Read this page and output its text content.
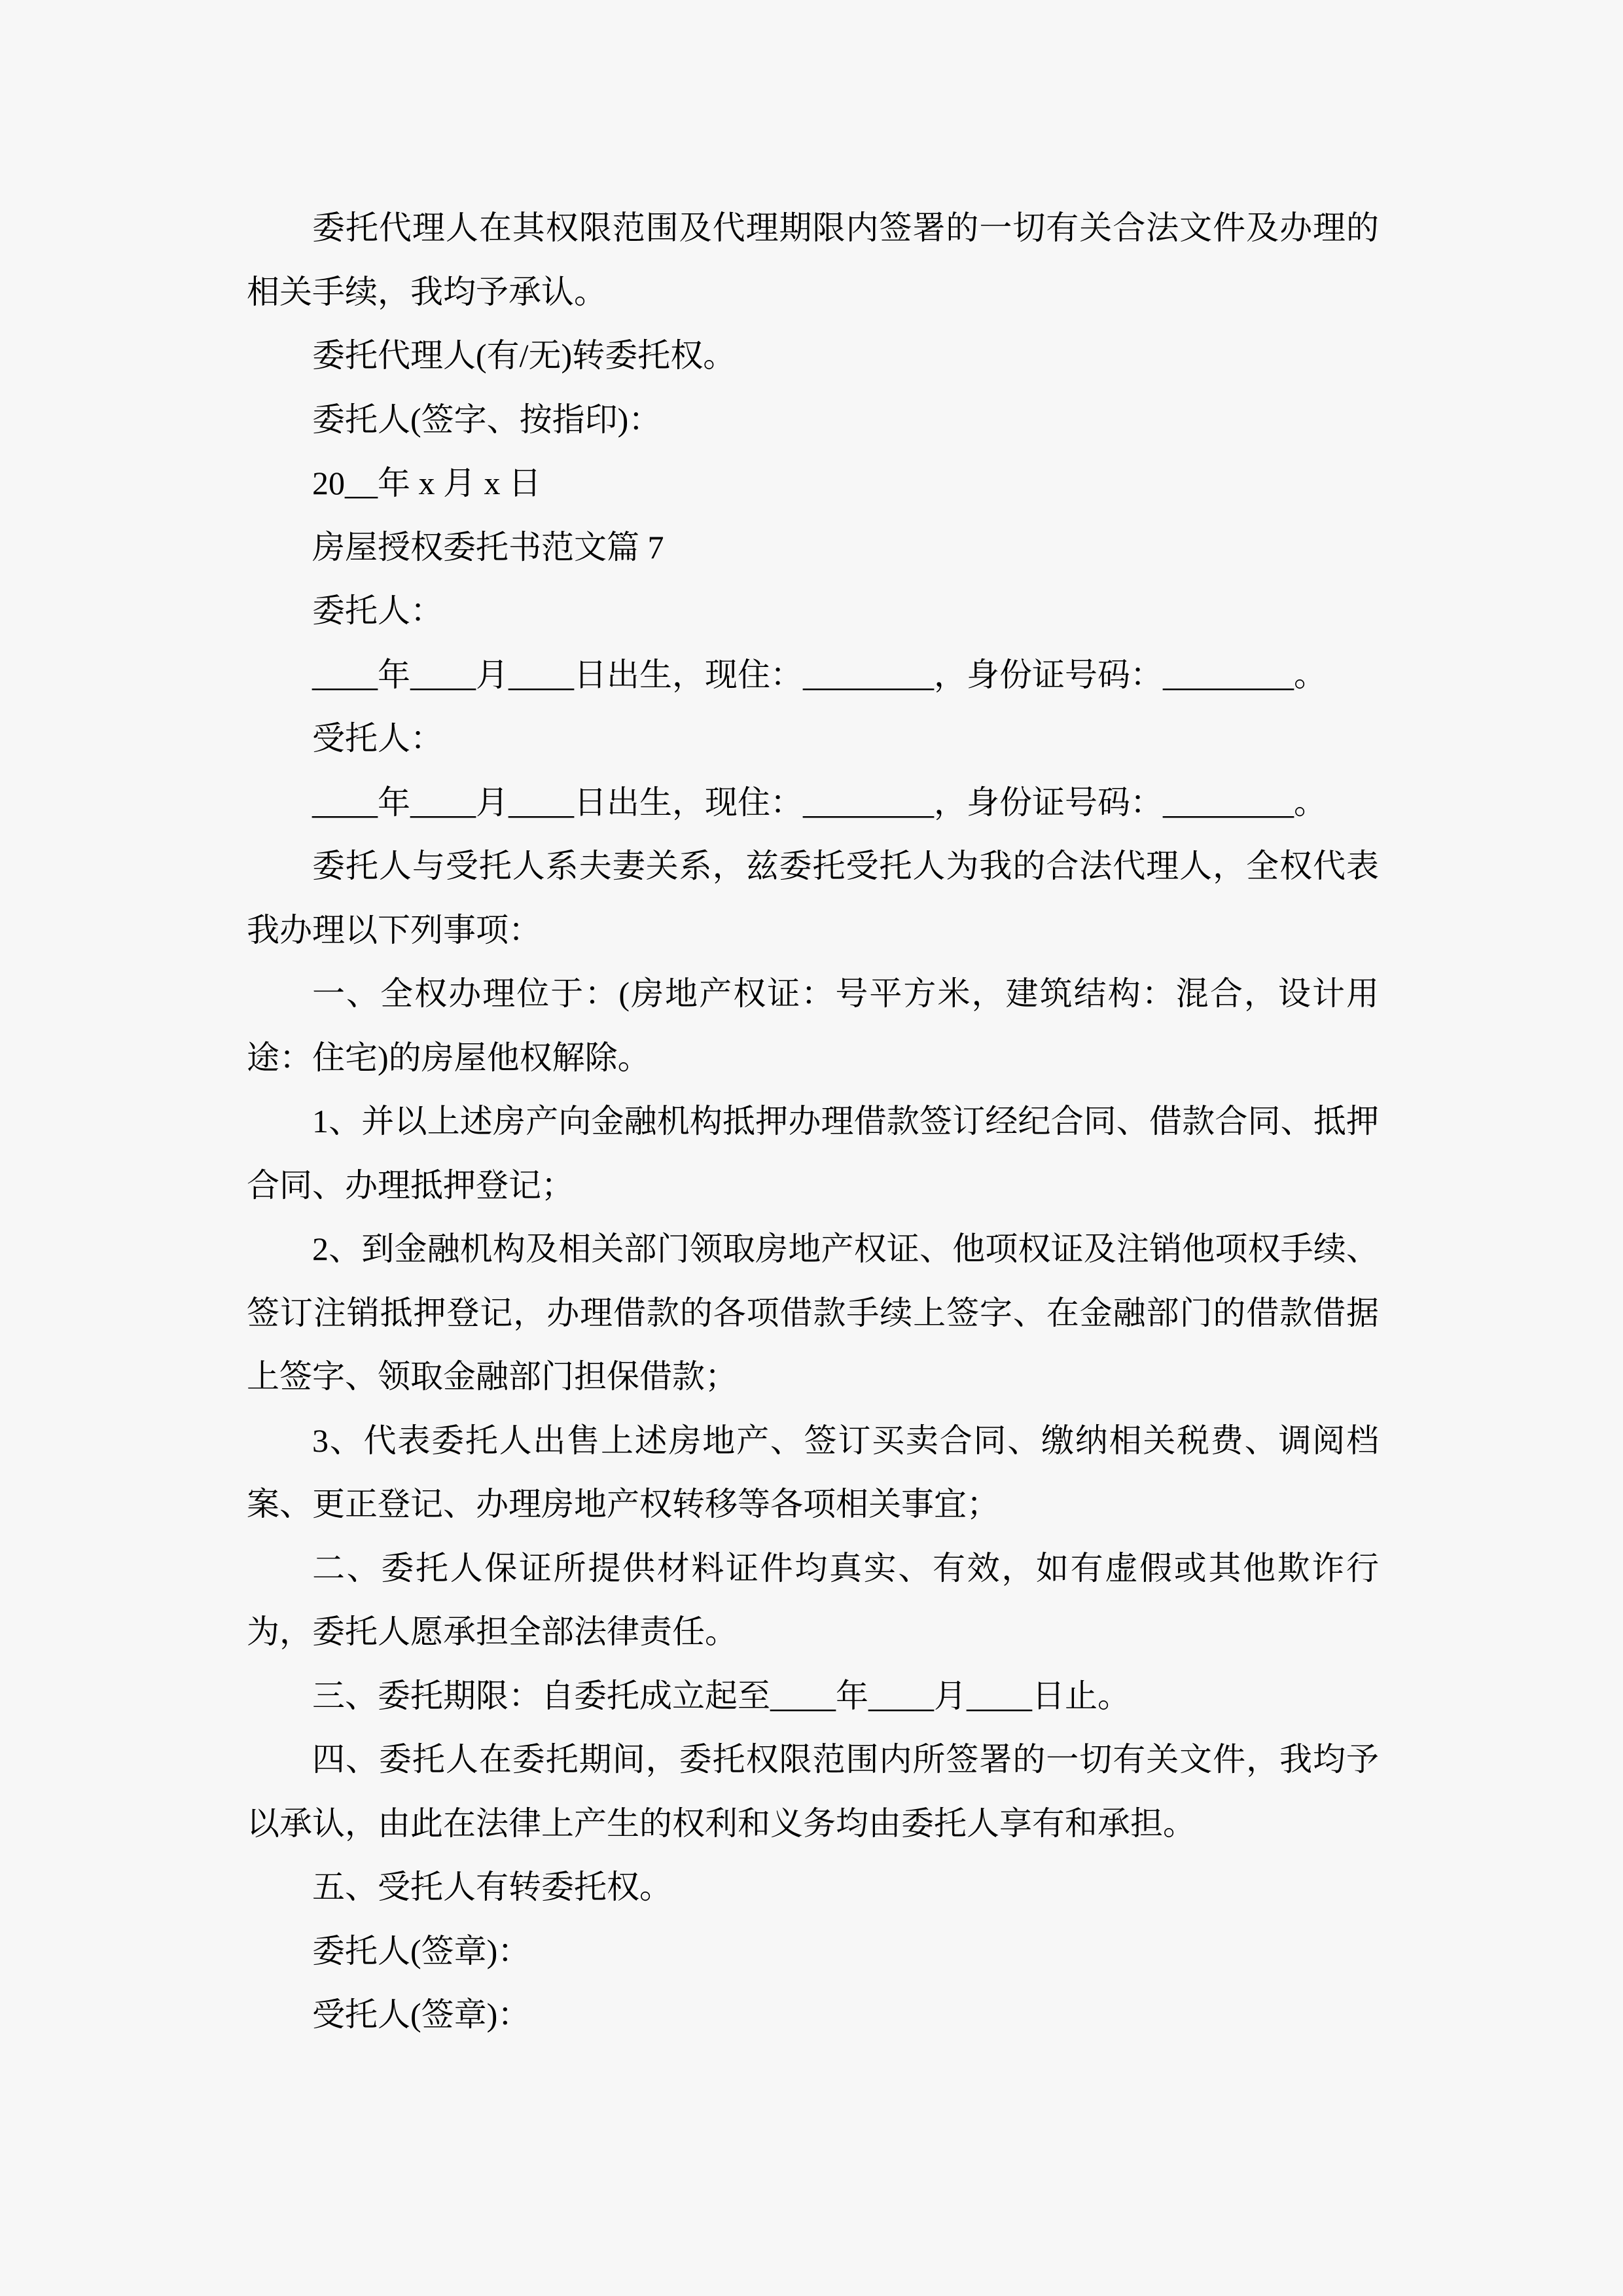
委托代理人在其权限范围及代理期限内签署的一切有关合法文件及办理的相关手续，我均予承认。

委托代理人(有/无)转委托权。

委托人(签字、按指印)：

20__年 x 月 x 日

房屋授权委托书范文篇 7

委托人：

____年____月____日出生，现住：________，身份证号码：________。

受托人：

____年____月____日出生，现住：________，身份证号码：________。

委托人与受托人系夫妻关系，兹委托受托人为我的合法代理人，全权代表我办理以下列事项：

一、全权办理位于：(房地产权证：号平方米，建筑结构：混合，设计用途：住宅)的房屋他权解除。

1、并以上述房产向金融机构抵押办理借款签订经纪合同、借款合同、抵押合同、办理抵押登记；

2、到金融机构及相关部门领取房地产权证、他项权证及注销他项权手续、签订注销抵押登记，办理借款的各项借款手续上签字、在金融部门的借款借据上签字、领取金融部门担保借款；

3、代表委托人出售上述房地产、签订买卖合同、缴纳相关税费、调阅档案、更正登记、办理房地产权转移等各项相关事宜；

二、委托人保证所提供材料证件均真实、有效，如有虚假或其他欺诈行为，委托人愿承担全部法律责任。

三、委托期限：自委托成立起至____年____月____日止。

四、委托人在委托期间，委托权限范围内所签署的一切有关文件，我均予以承认，由此在法律上产生的权利和义务均由委托人享有和承担。

五、受托人有转委托权。

委托人(签章)：

受托人(签章)：
